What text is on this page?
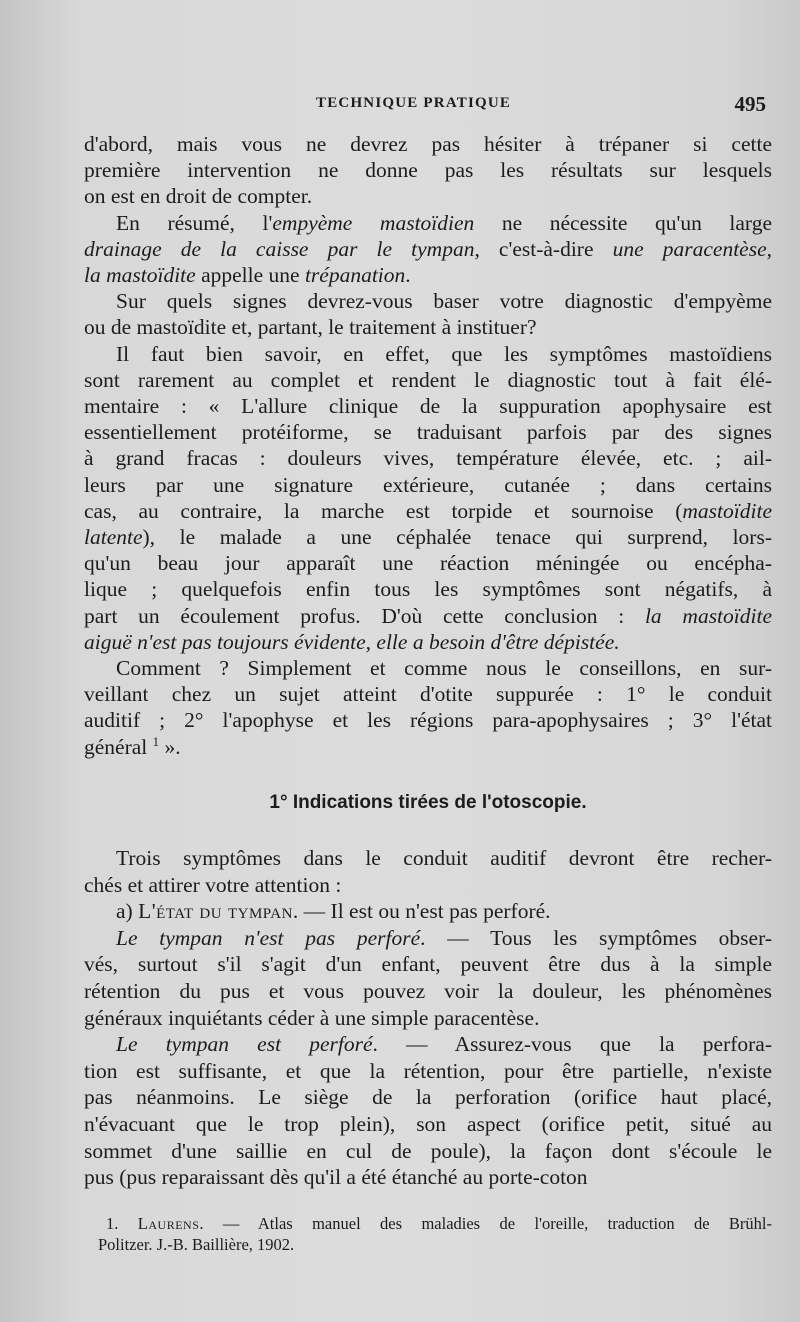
TECHNIQUE PRATIQUE	495
d'abord, mais vous ne devrez pas hésiter à trépaner si cette
première intervention ne donne pas les résultats sur lesquels
on est en droit de compter.
En résumé, l'empyème mastoïdien ne nécessite qu'un large
drainage de la caisse par le tympan, c'est-à-dire une paracentèse,
la mastoïdite appelle une trépanation.
Sur quels signes devrez-vous baser votre diagnostic d'empyème
ou de mastoïdite et, partant, le traitement à instituer?
Il faut bien savoir, en effet, que les symptômes mastoïdiens
sont rarement au complet et rendent le diagnostic tout à fait élé-
mentaire : « L'allure clinique de la suppuration apophysaire est
essentiellement protéiforme, se traduisant parfois par des signes
à grand fracas : douleurs vives, température élevée, etc. ; ail-
leurs par une signature extérieure, cutanée ; dans certains
cas, au contraire, la marche est torpide et sournoise (mastoïdite
latente), le malade a une céphalée tenace qui surprend, lors-
qu'un beau jour apparaît une réaction méningée ou encépha-
lique ; quelquefois enfin tous les symptômes sont négatifs, à
part un écoulement profus. D'où cette conclusion : la mastoïdite
aiguë n'est pas toujours évidente, elle a besoin d'être dépistée.
Comment ? Simplement et comme nous le conseillons, en sur-
veillant chez un sujet atteint d'otite suppurée : 1° le conduit
auditif ; 2° l'apophyse et les régions para-apophysaires ; 3° l'état
général $^1$ ».
1° Indications tirées de l'otoscopie.
Trois symptômes dans le conduit auditif devront être recher-
chés et attirer votre attention :
a) L'état du tympan. — Il est ou n'est pas perforé.
Le tympan n'est pas perforé. — Tous les symptômes obser-
vés, surtout s'il s'agit d'un enfant, peuvent être dus à la simple
rétention du pus et vous pouvez voir la douleur, les phénomènes
généraux inquiétants céder à une simple paracentèse.
Le tympan est perforé. — Assurez-vous que la perfora-
tion est suffisante, et que la rétention, pour être partielle, n'existe
pas néanmoins. Le siège de la perforation (orifice haut placé,
n'évacuant que le trop plein), son aspect (orifice petit, situé au
sommet d'une saillie en cul de poule), la façon dont s'écoule le
pus (pus reparaissant dès qu'il a été étanché au porte-coton
1. Laurens. — Atlas manuel des maladies de l'oreille, traduction de Brühl-
Politzer. J.-B. Baillière, 1902.
